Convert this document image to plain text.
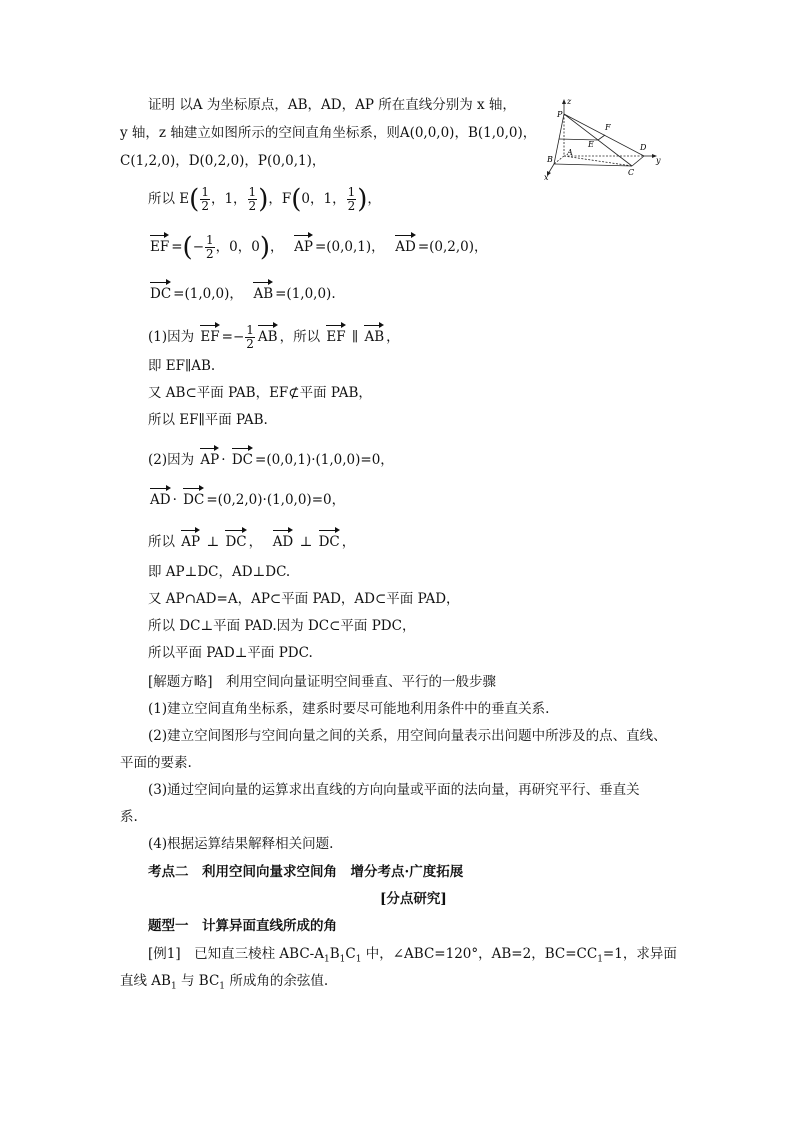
证明 以A 为坐标原点，AB，AD，AP 所在直线分别为 x 轴，
y 轴，z 轴建立如图所示的空间直角坐标系，则A(0,0,0)，B(1,0,0)，
C(1,2,0)，D(0,2,0)，P(0,0,1)，
所以 $E( \frac{1}{2}$ ，1， $\frac{1}{2}$ )，F(0，1， $\frac{1}{2}$ )，
EF =(− $\frac{1}{2}$ ，0，0)， AP =(0,0,1)， AD =(0,2,0)，
DC =(1,0,0)， AB =(1,0,0).
(1)因为 EF =− $\frac{1}{2}$ AB ，所以 EF ∥ AB ，
即 EF∥AB.
又 AB⊂平面 PAB，EF⊄平面 PAB，
所以 EF∥平面 PAB.
(2)因为 AP · DC =(0,0,1)·(1,0,0)=0，
AD · DC =(0,2,0)·(1,0,0)=0，
所以 AP ⊥ DC ， AD ⊥ DC ，
即 AP⊥DC，AD⊥DC.
又 AP∩AD=A，AP⊂平面 PAD，AD⊂平面 PAD，
所以 DC⊥平面 PAD.因为 DC⊂平面 PDC，
所以平面 PAD⊥平面 PDC.
[解题方略]　利用空间向量证明空间垂直、平行的一般步骤
(1)建立空间直角坐标系，建系时要尽可能地利用条件中的垂直关系.
(2)建立空间图形与空间向量之间的关系，用空间向量表示出问题中所涉及的点、直线、
平面的要素.
(3)通过空间向量的运算求出直线的方向向量或平面的法向量，再研究平行、垂直关
系.
(4)根据运算结果解释相关问题.
考点二　利用空间向量求空间角　增分考点·广度拓展
[分点研究]
题型一　计算异面直线所成的角
[例1]　已知直三棱柱 ABC-$A_1B_1C_1$ 中，∠ABC=120°，AB=2，$BC=CC_1=1$，求异面
直线 $AB_1$ 与 $BC_1$ 所成角的余弦值.
z
y
x
P
A
B
C
D
E
F
